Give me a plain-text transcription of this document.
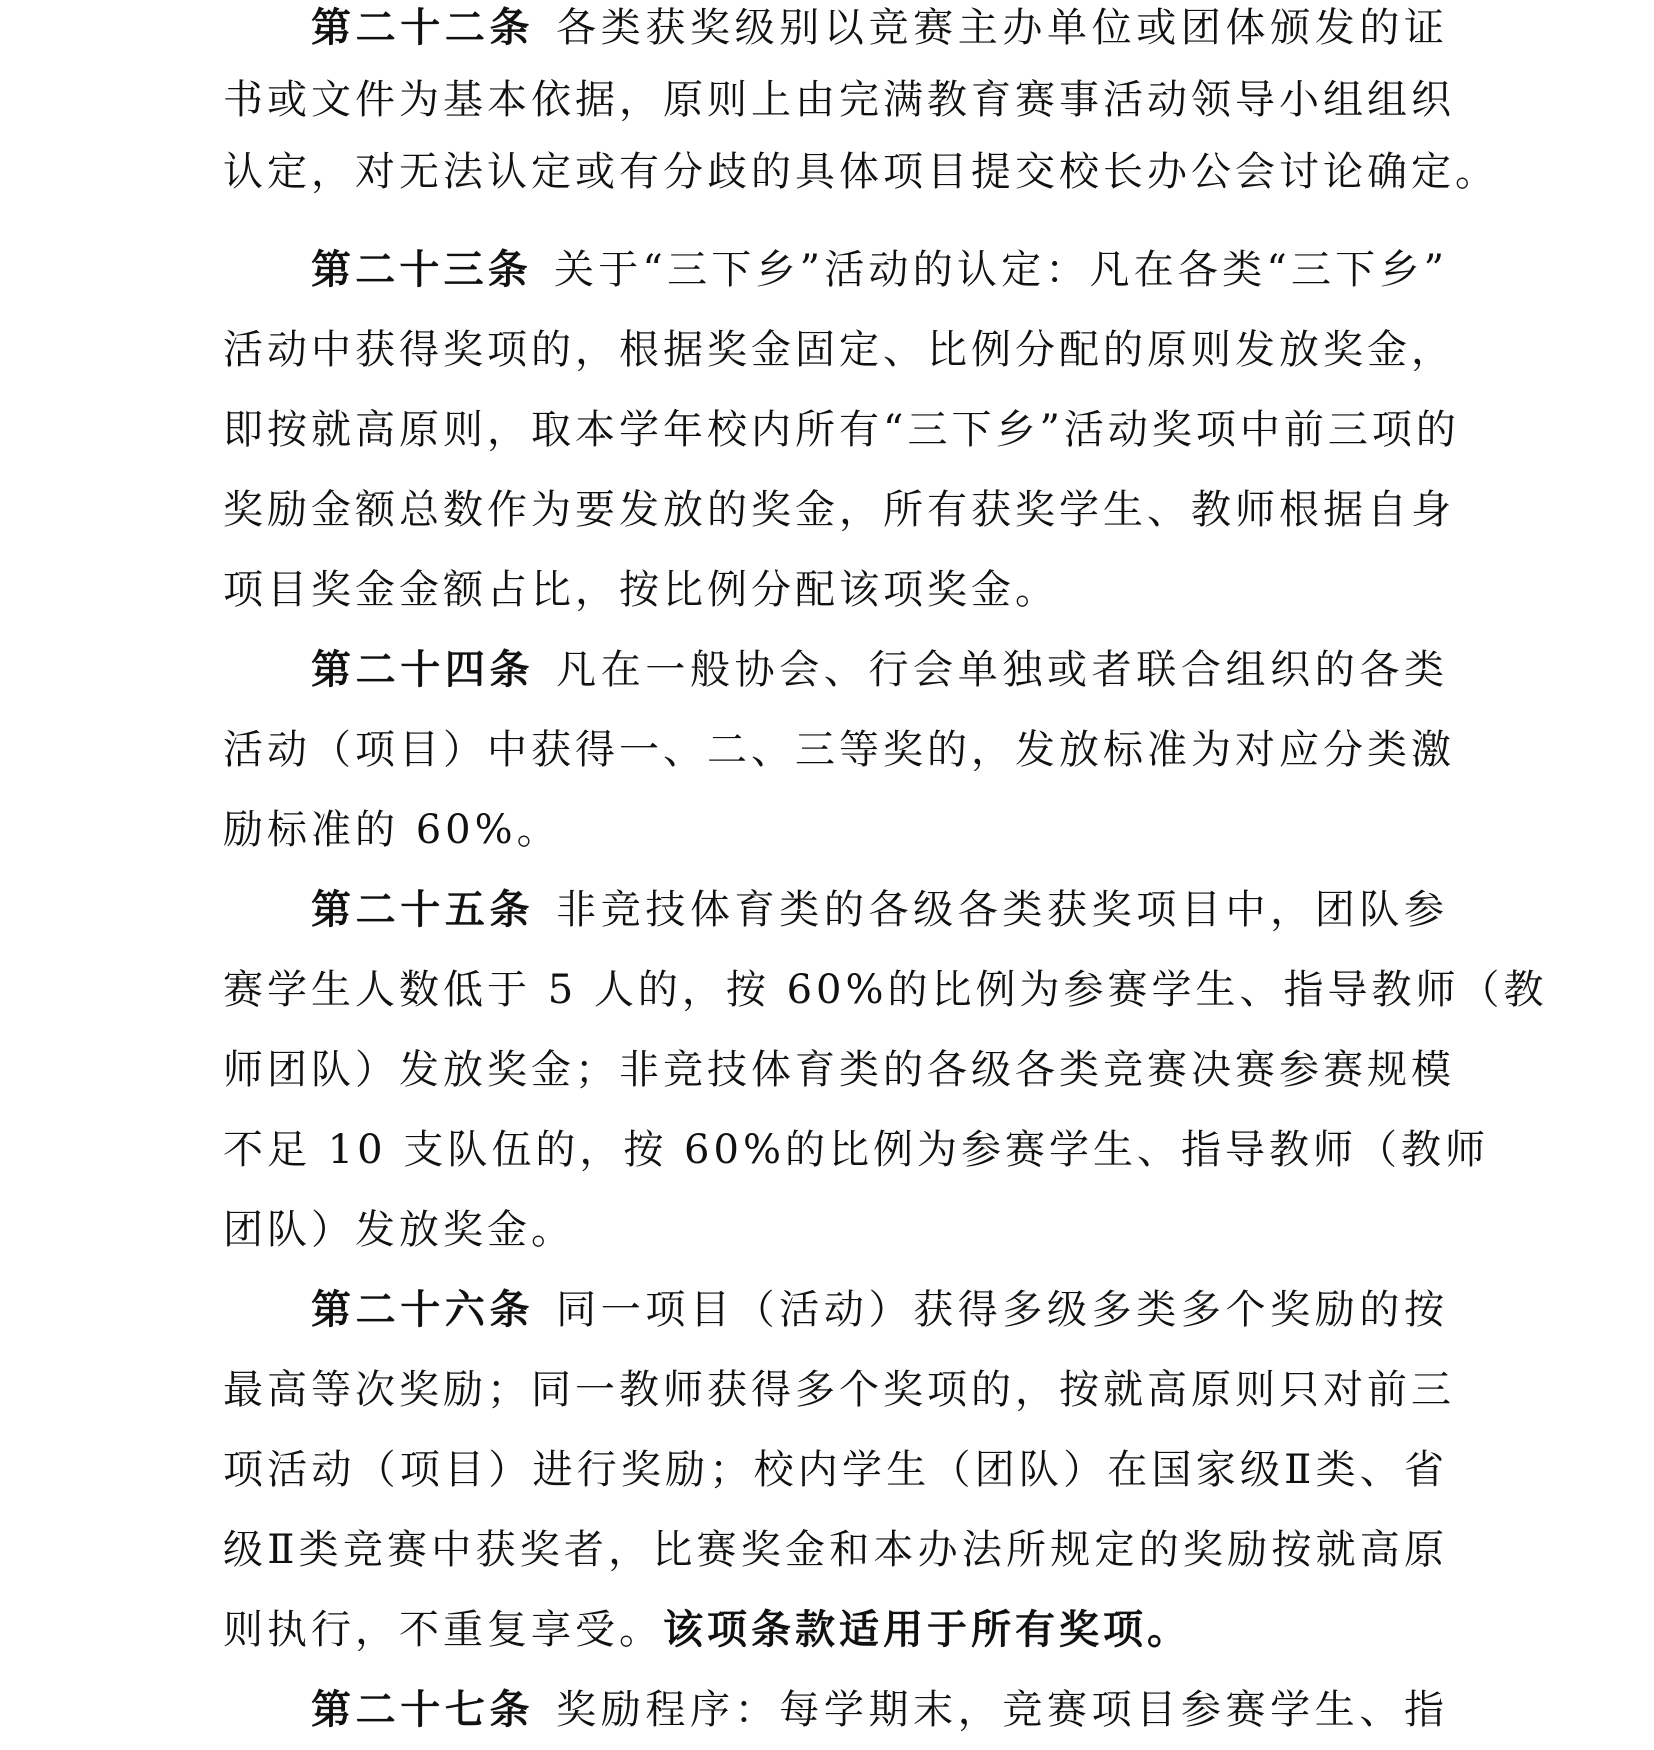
第二十二条 各类获奖级别以竞赛主办单位或团体颁发的证
书或文件为基本依据，原则上由完满教育赛事活动领导小组组织
认定，对无法认定或有分歧的具体项目提交校长办公会讨论确定。
第二十三条 关于“三下乡”活动的认定：凡在各类“三下乡”
活动中获得奖项的，根据奖金固定、比例分配的原则发放奖金，
即按就高原则，取本学年校内所有“三下乡”活动奖项中前三项的
奖励金额总数作为要发放的奖金，所有获奖学生、教师根据自身
项目奖金金额占比，按比例分配该项奖金。
第二十四条 凡在一般协会、行会单独或者联合组织的各类
活动（项目）中获得一、二、三等奖的，发放标准为对应分类激
励标准的 60%。
第二十五条 非竞技体育类的各级各类获奖项目中，团队参
赛学生人数低于 5 人的，按 60%的比例为参赛学生、指导教师（教
师团队）发放奖金；非竞技体育类的各级各类竞赛决赛参赛规模
不足 10 支队伍的，按 60%的比例为参赛学生、指导教师（教师
团队）发放奖金。
第二十六条 同一项目（活动）获得多级多类多个奖励的按
最高等次奖励；同一教师获得多个奖项的，按就高原则只对前三
项活动（项目）进行奖励；校内学生（团队）在国家级Ⅱ类、省
级Ⅱ类竞赛中获奖者，比赛奖金和本办法所规定的奖励按就高原
则执行，不重复享受。该项条款适用于所有奖项。
第二十七条 奖励程序：每学期末，竞赛项目参赛学生、指
